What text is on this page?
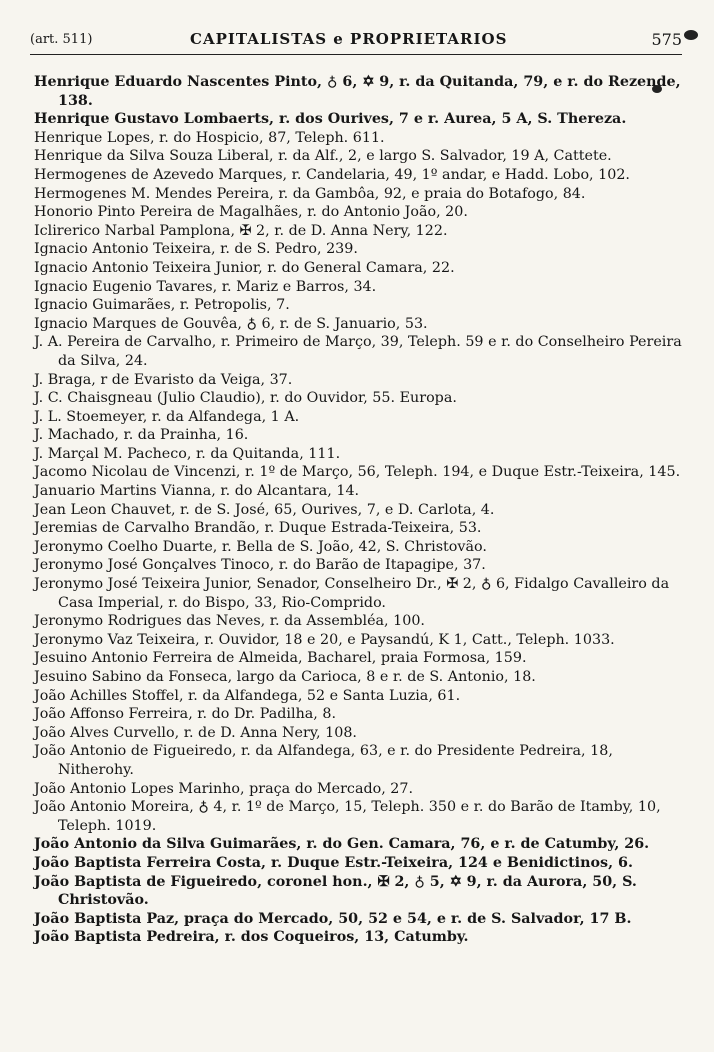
(art. 511)	CAPITALISTAS e PROPRIETARIOS	575
Henrique Eduardo Nascentes Pinto, ♁ 6, ✡ 9, r. da Quitanda, 79, e r. do Rezende, 138.
Henrique Gustavo Lombaerts, r. dos Ourives, 7 e r. Aurea, 5 A, S. Thereza.
Henrique Lopes, r. do Hospicio, 87, Teleph. 611.
Henrique da Silva Souza Liberal, r. da Alf., 2, e largo S. Salvador, 19 A, Cattete.
Hermogenes de Azevedo Marques, r. Candelaria, 49, 1º andar, e Hadd. Lobo, 102.
Hermogenes M. Mendes Pereira, r. da Gambôa, 92, e praia do Botafogo, 84.
Honorio Pinto Pereira de Magalhães, r. do Antonio João, 20.
Iclirerico Narbal Pamplona, ✠ 2, r. de D. Anna Nery, 122.
Ignacio Antonio Teixeira, r. de S. Pedro, 239.
Ignacio Antonio Teixeira Junior, r. do General Camara, 22.
Ignacio Eugenio Tavares, r. Mariz e Barros, 34.
Ignacio Guimarães, r. Petropolis, 7.
Ignacio Marques de Gouvêa, ♁ 6, r. de S. Januario, 53.
J. A. Pereira de Carvalho, r. Primeiro de Março, 39, Teleph. 59 e r. do Conselheiro Pereira da Silva, 24.
J. Braga, r de Evaristo da Veiga, 37.
J. C. Chaisgneau (Julio Claudio), r. do Ouvidor, 55. Europa.
J. L. Stoemeyer, r. da Alfandega, 1 A.
J. Machado, r. da Prainha, 16.
J. Marçal M. Pacheco, r. da Quitanda, 111.
Jacomo Nicolau de Vincenzi, r. 1º de Março, 56, Teleph. 194, e Duque Estr.-Teixeira, 145.
Januario Martins Vianna, r. do Alcantara, 14.
Jean Leon Chauvet, r. de S. José, 65, Ourives, 7, e D. Carlota, 4.
Jeremias de Carvalho Brandão, r. Duque Estrada-Teixeira, 53.
Jeronymo Coelho Duarte, r. Bella de S. João, 42, S. Christovão.
Jeronymo José Gonçalves Tinoco, r. do Barão de Itapagipe, 37.
Jeronymo José Teixeira Junior, Senador, Conselheiro Dr., ✠ 2, ♁ 6, Fidalgo Cavalleiro da Casa Imperial, r. do Bispo, 33, Rio-Comprido.
Jeronymo Rodrigues das Neves, r. da Assembléa, 100.
Jeronymo Vaz Teixeira, r. Ouvidor, 18 e 20, e Paysandú, K 1, Catt., Teleph. 1033.
Jesuino Antonio Ferreira de Almeida, Bacharel, praia Formosa, 159.
Jesuino Sabino da Fonseca, largo da Carioca, 8 e r. de S. Antonio, 18.
João Achilles Stoffel, r. da Alfandega, 52 e Santa Luzia, 61.
João Affonso Ferreira, r. do Dr. Padilha, 8.
João Alves Curvello, r. de D. Anna Nery, 108.
João Antonio de Figueiredo, r. da Alfandega, 63, e r. do Presidente Pedreira, 18, Nitherohy.
João Antonio Lopes Marinho, praça do Mercado, 27.
João Antonio Moreira, ♁ 4, r. 1º de Março, 15, Teleph. 350 e r. do Barão de Itamby, 10, Teleph. 1019.
João Antonio da Silva Guimarães, r. do Gen. Camara, 76, e r. de Catumby, 26.
João Baptista Ferreira Costa, r. Duque Estr.-Teixeira, 124 e Benidictinos, 6.
João Baptista de Figueiredo, coronel hon., ✠ 2, ♁ 5, ✡ 9, r. da Aurora, 50, S. Christovão.
João Baptista Paz, praça do Mercado, 50, 52 e 54, e r. de S. Salvador, 17 B.
João Baptista Pedreira, r. dos Coqueiros, 13, Catumby.
